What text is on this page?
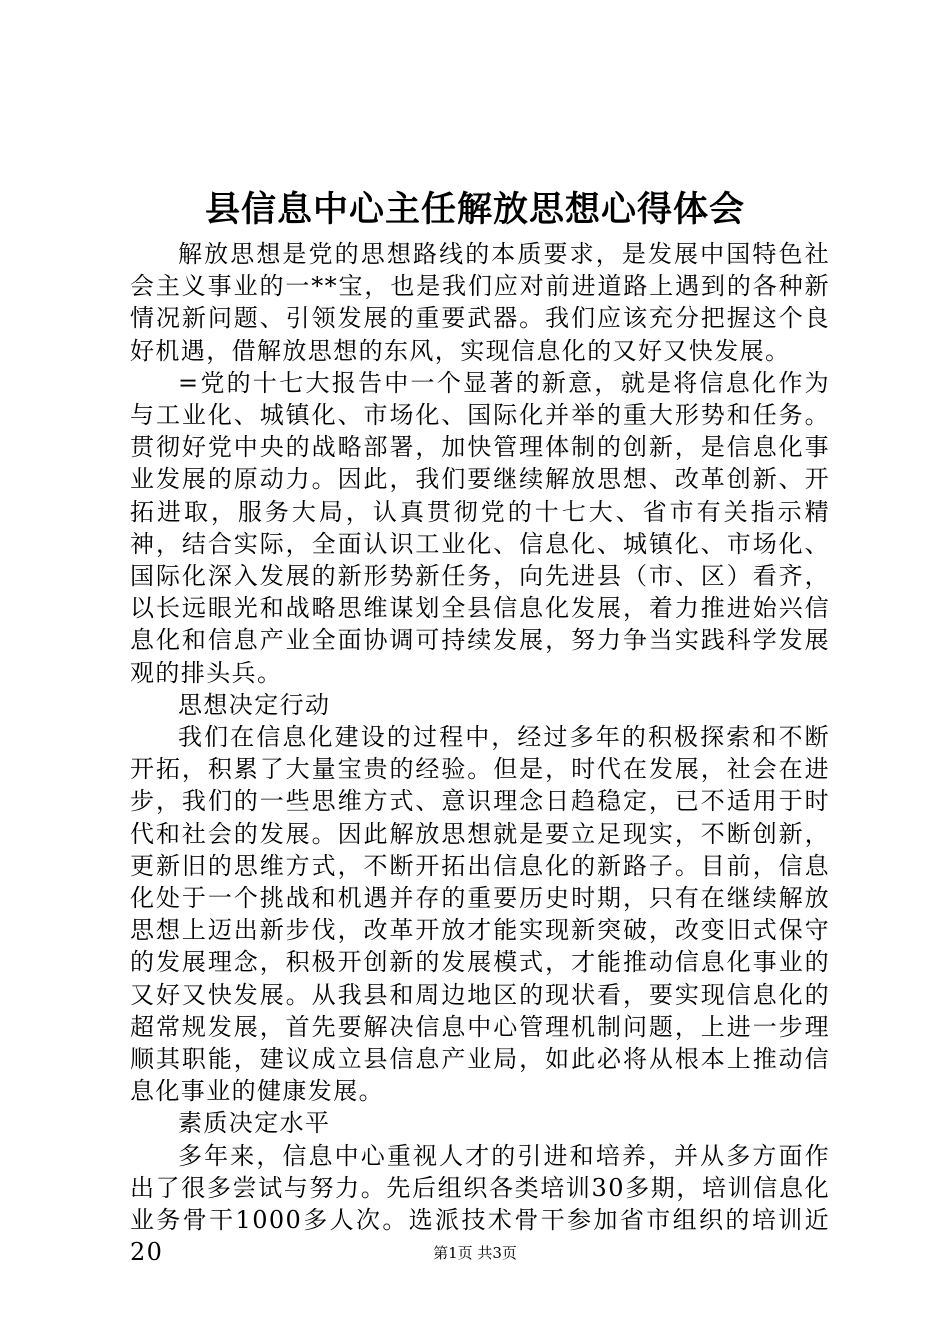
县信息中心主任解放思想心得体会

解放思想是党的思想路线的本质要求，是发展中国特色社会主义事业的一**宝，也是我们应对前进道路上遇到的各种新情况新问题、引领发展的重要武器。我们应该充分把握这个良好机遇，借解放思想的东风，实现信息化的又好又快发展。

=党的十七大报告中一个显著的新意，就是将信息化作为与工业化、城镇化、市场化、国际化并举的重大形势和任务。贯彻好党中央的战略部署，加快管理体制的创新，是信息化事业发展的原动力。因此，我们要继续解放思想、改革创新、开拓进取，服务大局，认真贯彻党的十七大、省市有关指示精神，结合实际，全面认识工业化、信息化、城镇化、市场化、国际化深入发展的新形势新任务，向先进县（市、区）看齐，以长远眼光和战略思维谋划全县信息化发展，着力推进始兴信息化和信息产业全面协调可持续发展，努力争当实践科学发展观的排头兵。

思想决定行动

我们在信息化建设的过程中，经过多年的积极探索和不断开拓，积累了大量宝贵的经验。但是，时代在发展，社会在进步，我们的一些思维方式、意识理念日趋稳定，已不适用于时代和社会的发展。因此解放思想就是要立足现实，不断创新，更新旧的思维方式，不断开拓出信息化的新路子。目前，信息化处于一个挑战和机遇并存的重要历史时期，只有在继续解放思想上迈出新步伐，改革开放才能实现新突破，改变旧式保守的发展理念，积极开创新的发展模式，才能推动信息化事业的又好又快发展。从我县和周边地区的现状看，要实现信息化的超常规发展，首先要解决信息中心管理机制问题，上进一步理顺其职能，建议成立县信息产业局，如此必将从根本上推动信息化事业的健康发展。

素质决定水平

多年来，信息中心重视人才的引进和培养，并从多方面作出了很多尝试与努力。先后组织各类培训30多期，培训信息化业务骨干1000多人次。选派技术骨干参加省市组织的培训近20	第1页 共3页
